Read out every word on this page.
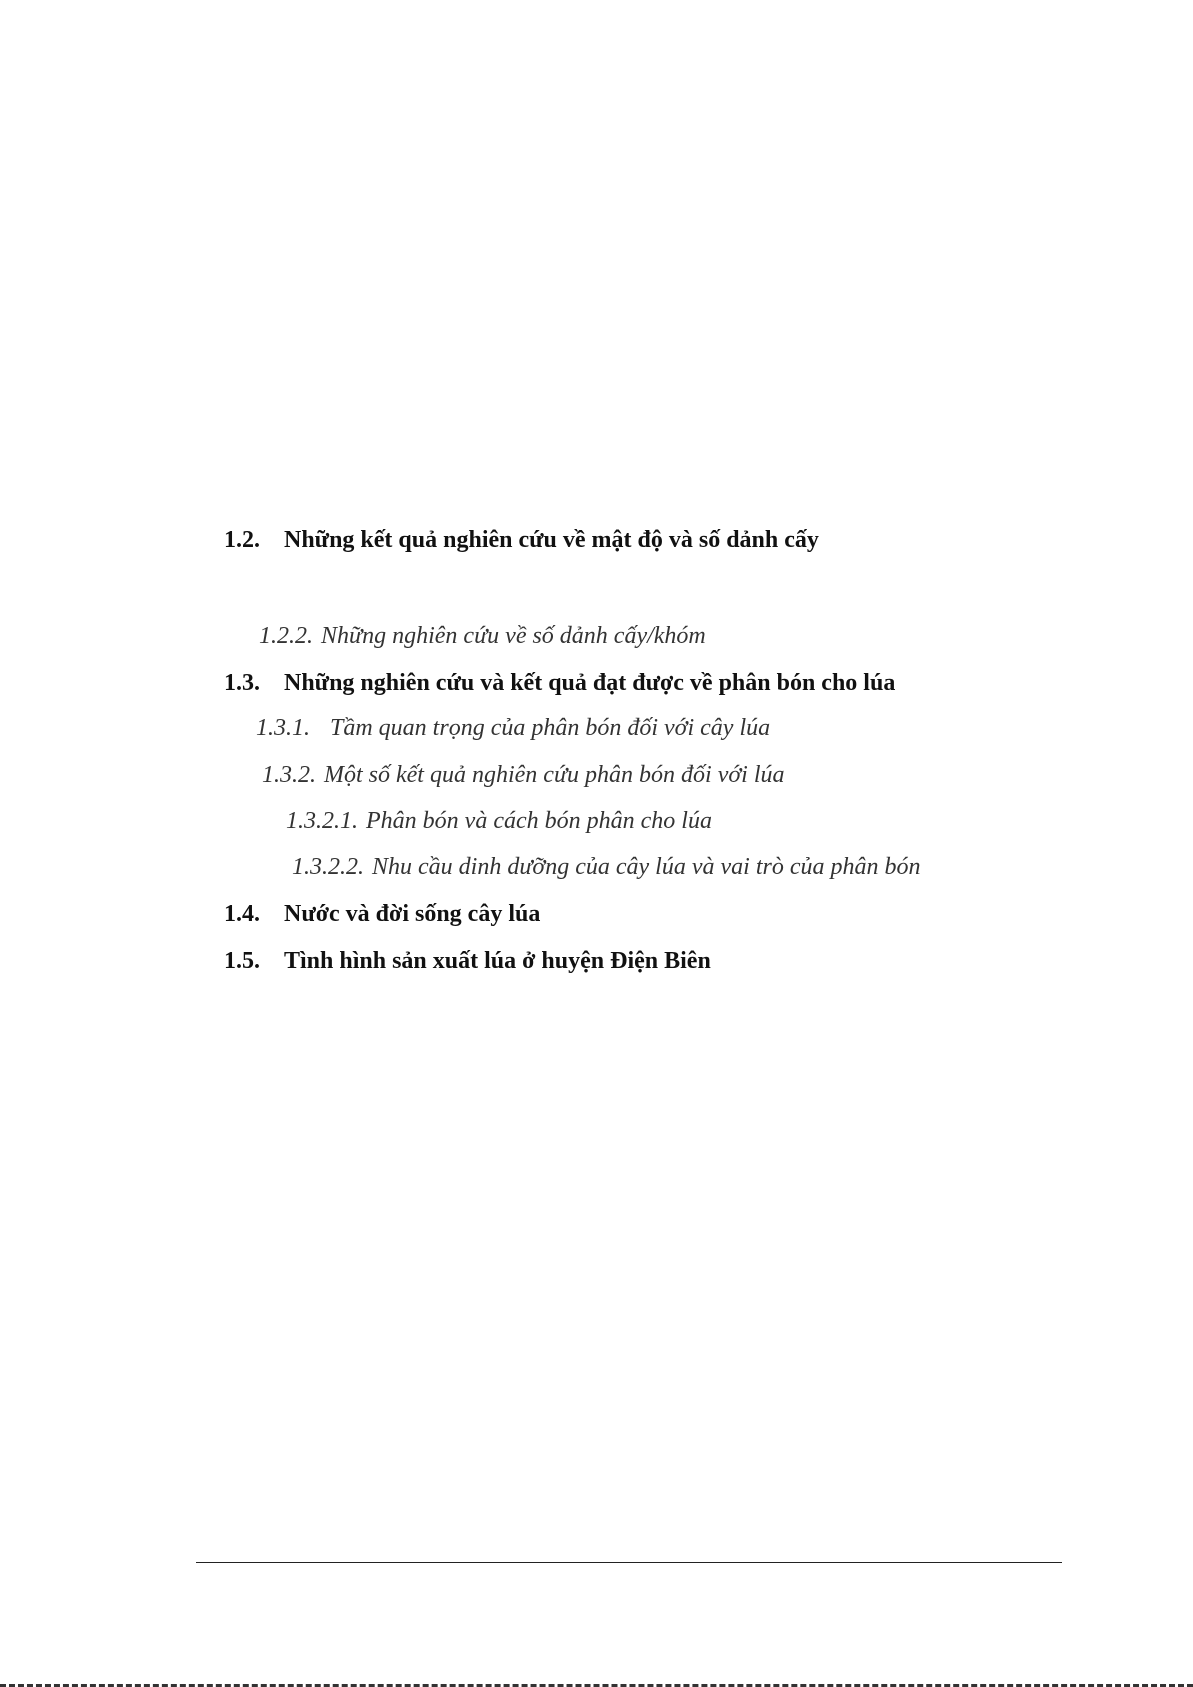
1.2. Những kết quả nghiên cứu về mật độ và số dảnh cấy
1.2.2. Những nghiên cứu về số dảnh cấy/khóm
1.3. Những nghiên cứu và kết quả đạt được về phân bón cho lúa
1.3.1. Tầm quan trọng của phân bón đối với cây lúa
1.3.2. Một số kết quả nghiên cứu phân bón đối với lúa
1.3.2.1. Phân bón và cách bón phân cho lúa
1.3.2.2. Nhu cầu dinh dưỡng của cây lúa và vai trò của phân bón
1.4. Nước và đời sống cây lúa
1.5. Tình hình sản xuất lúa ở huyện Điện Biên
